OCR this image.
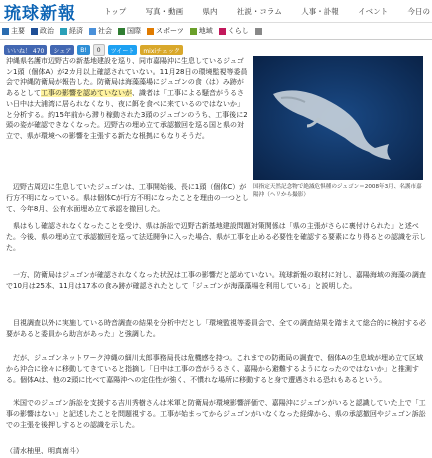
琉球新報	トップ	写真・動画	県内	社説・コラム	人事・訃報	イベント	今日の
主要 政治 経済 社会 国際 スポーツ 地域 くらし
いいね！ 470	シェア	B!	0	ツイート	mixiチェック
沖縄県名護市辺野古の新基地建設を巡り、同市嘉陽沖に生息しているジュゴン1頭（個体A）が2カ月以上確認されていない。11月28日の環境監視等委員会で沖縄防衛局が報告した。防衛局は海藻藻場にジュゴンの食（は）み跡があるとして工事の影響を認めていないが、識者は「工事による騒音がうるさい日中は大浦湾に居られなくなり、夜に餌を食べに来ているのではないか」と分析する。約15年前から滞り稼動された3頭のジュゴンのうち、工事後に2頭の姿が確認できなくなった。辺野古の埋め立て承認撤回を巡る国と県の対立で、県が環境への影響を主張する新たな根拠にもなりそうだ。
国指定天然記念物で絶滅危惧種のジュゴン＝2008年3月、名護市嘉陽沖（ヘリから撮影）
辺野古周辺に生息していたジュゴンは、工事開始後、長に1頭（個体C）が行方不明になっている。県は個体Cが行方不明になったことを理由の一つとして、今年8月、公有水面埋め立て承認を撤回した。
県はもし確認されなくなったことを受け、県は訴訟で辺野古新基地建設問題対策関係は「県の主張がさらに裏付けられた」と述べた。今後、県の埋め立て承認撤回を巡って法廷闘争に入った場合、県が工事を止める必要性を確認する要素になり得るとの認識を示した。
一方、防衛局はジュゴンが確認されなくなった状況は工事の影響だと認めていない。琉球新報の取材に対し、嘉陽海域の海藻の調査で10月は25本、11月は17本の食み跡が確認されたとして「ジュゴンが海藻藻場を利用している」と説明した。
目視調査以外に実施している時音調査の結果を分析中だとし「環境監視等委員会で、全ての調査結果を踏まえて総合的に検討する必要があると委員から助言があった」と強調した。
だが、ジュゴンネットワーク沖縄の細川太郎事務局長は危機感を持つ。これまでの防衛局の調査で、個体Aの生息域が埋め立て区域から沖合に徐々に移動してきていると指摘し「日中は工事の音がうるさく、嘉陽から避難するようになったのではないか」と推測する。個体Aは、他の2頭に比べて嘉陽沖への定住性が強く、不慣れな場所に移動すると身で遭遇される恐れもあるという。
米国でのジュゴン訴訟を支援する吉川秀樹さんは米軍と防衛局が環境影響評価で、嘉陽沖にジュゴンがいると認識していた上で「工事の影響はない」と記述したことを問題視する。工事が始まってからジュゴンがいなくなった経緯から、県の承認撤回やジュゴン訴訟での主張を後押しするとの認識を示した。
（清水柚里、明真南斗）
